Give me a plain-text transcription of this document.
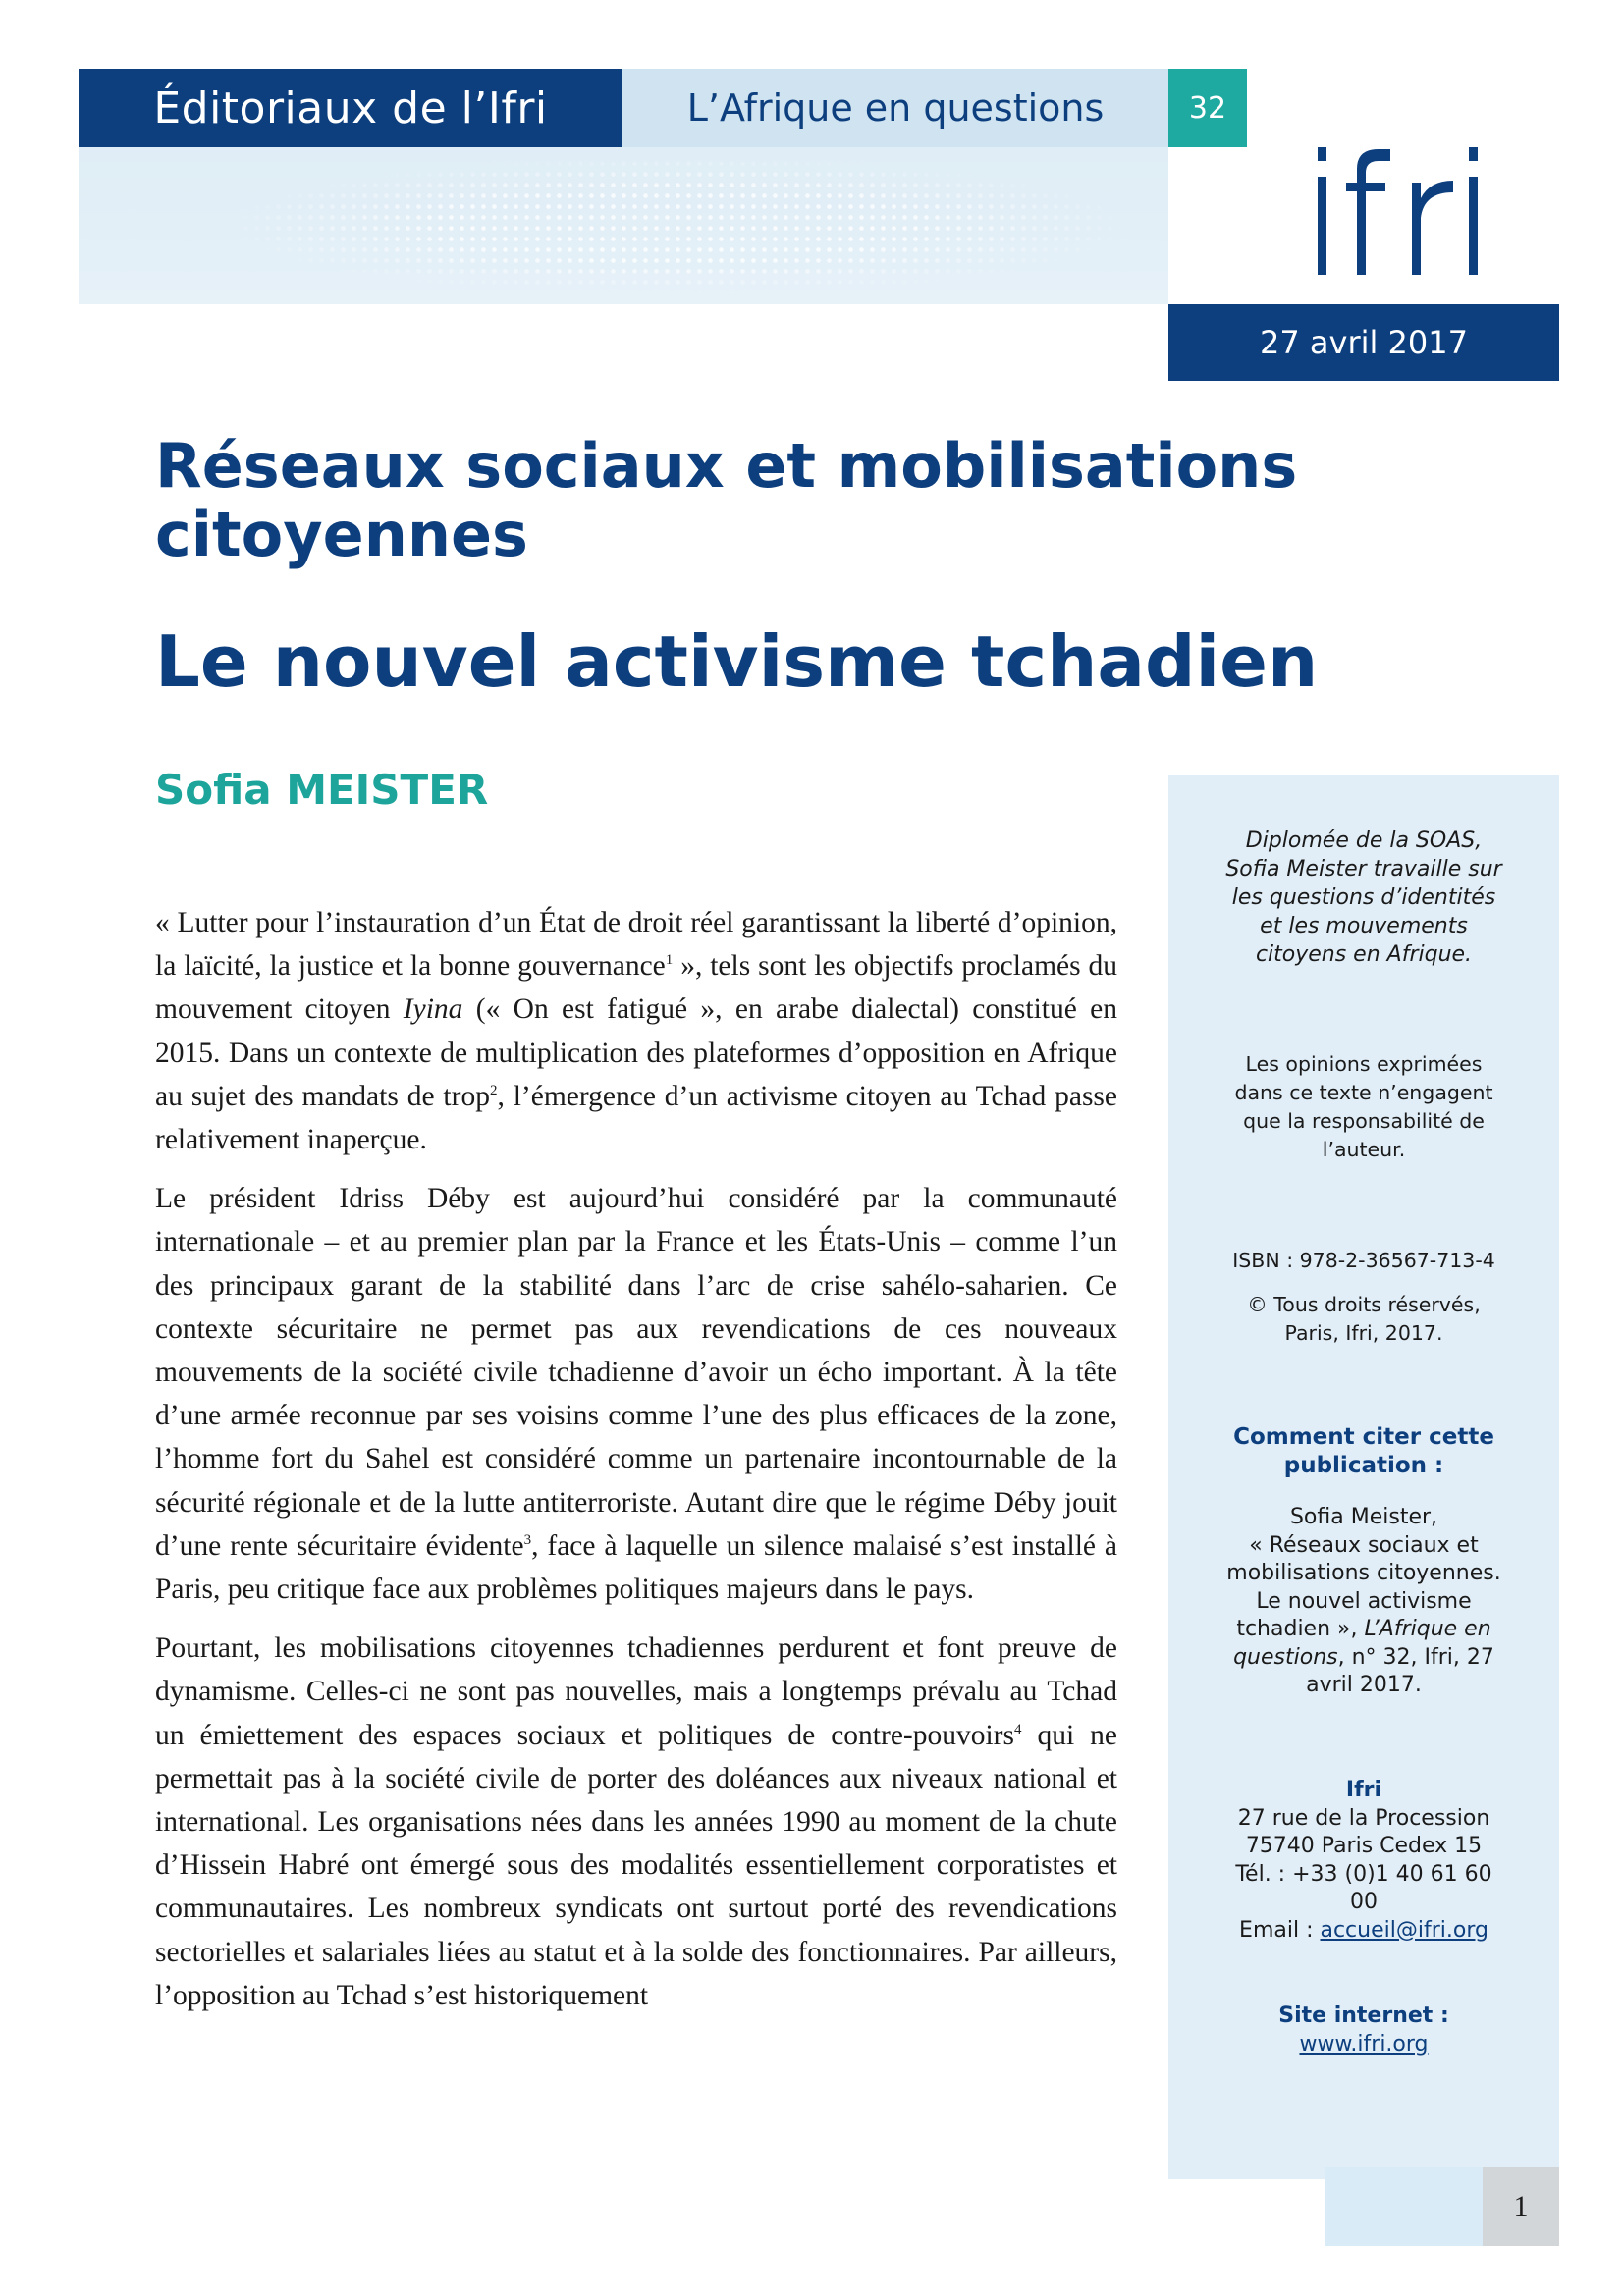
Éditoriaux de l’Ifri	L’Afrique en questions	32
27 avril 2017
Réseaux sociaux et mobilisations
citoyennes
Le nouvel activisme tchadien
Sofia MEISTER

« Lutter pour l’instauration d’un État de droit réel garantissant la liberté d’opinion, la laïcité, la justice et la bonne gouvernance$^1$ », tels sont les objectifs proclamés du mouvement citoyen Iyina (« On est fatigué », en arabe dialectal) constitué en 2015. Dans un contexte de multiplication des plateformes d’opposition en Afrique au sujet des mandats de trop$^2$, l’émergence d’un activisme citoyen au Tchad passe relativement inaperçue.

Le président Idriss Déby est aujourd’hui considéré par la communauté internationale – et au premier plan par la France et les États-Unis – comme l’un des principaux garant de la stabilité dans l’arc de crise sahélo-saharien. Ce contexte sécuritaire ne permet pas aux revendications de ces nouveaux mouvements de la société civile tchadienne d’avoir un écho important. À la tête d’une armée reconnue par ses voisins comme l’une des plus efficaces de la zone, l’homme fort du Sahel est considéré comme un partenaire incontournable de la sécurité régionale et de la lutte antiterroriste. Autant dire que le régime Déby jouit d’une rente sécuritaire évidente$^3$, face à laquelle un silence malaisé s’est installé à Paris, peu critique face aux problèmes politiques majeurs dans le pays.

Pourtant, les mobilisations citoyennes tchadiennes perdurent et font preuve de dynamisme. Celles-ci ne sont pas nouvelles, mais a longtemps prévalu au Tchad un émiettement des espaces sociaux et politiques de contre-pouvoirs$^4$ qui ne permettait pas à la société civile de porter des doléances aux niveaux national et international. Les organisations nées dans les années 1990 au moment de la chute d’Hissein Habré ont émergé sous des modalités essentiellement corporatistes et communautaires. Les nombreux syndicats ont surtout porté des revendications sectorielles et salariales liées au statut et à la solde des fonctionnaires. Par ailleurs, l’opposition au Tchad s’est historiquement

Diplomée de la SOAS,
Sofia Meister travaille sur
les questions d’identités
et les mouvements
citoyens en Afrique.
Les opinions exprimées
dans ce texte n’engagent
que la responsabilité de
l’auteur.
ISBN : 978-2-36567-713-4
© Tous droits réservés,
Paris, Ifri, 2017.
Comment citer cette
publication :
Sofia Meister,
« Réseaux sociaux et
mobilisations citoyennes.
Le nouvel activisme
tchadien », L’Afrique en
questions, n° 32, Ifri, 27
avril 2017.
Ifri
27 rue de la Procession
75740 Paris Cedex 15
Tél. : +33 (0)1 40 61 60
00
Email : accueil@ifri.org
Site internet :
www.ifri.org
1
